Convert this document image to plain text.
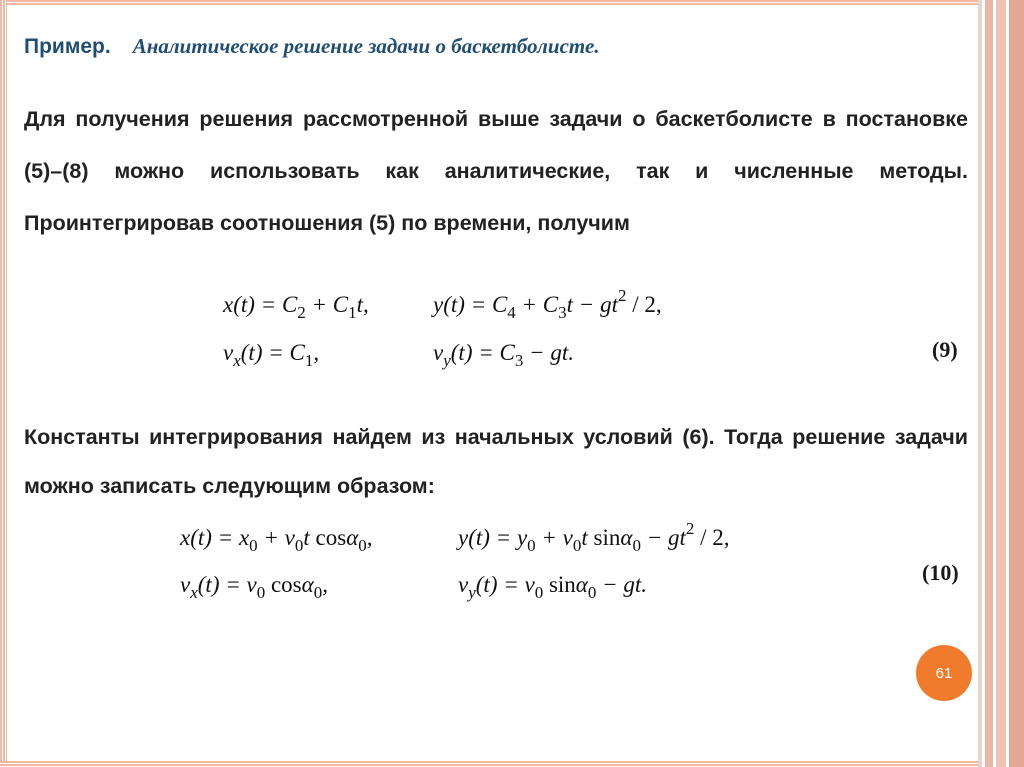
Пример. Аналитическое решение задачи о баскетболисте.
Для получения решения рассмотренной выше задачи о баскетболисте в постановке (5)–(8) можно использовать как аналитические, так и численные методы. Проинтегрировав соотношения (5) по времени, получим
$x(t) = C_2 + C_1t$,	$y(t) = C_4 + C_3t - gt^2 / 2$,
$v_x(t) = C_1$,	$v_y(t) = C_3$ − gt.	(9)
Константы интегрирования найдем из начальных условий (6). Тогда решение задачи можно записать следующим образом:
$x(t) = x_0 + v_0t$ cosα$_0$,	$y(t) = y_0 + v_0t$ $\sin\alpha_0 - gt^2 / 2$,
$v_x(t) = v_0$ cosα$_0$,	$v_y(t) = v_0$ sinα$_0$ − gt.	(10)
61
